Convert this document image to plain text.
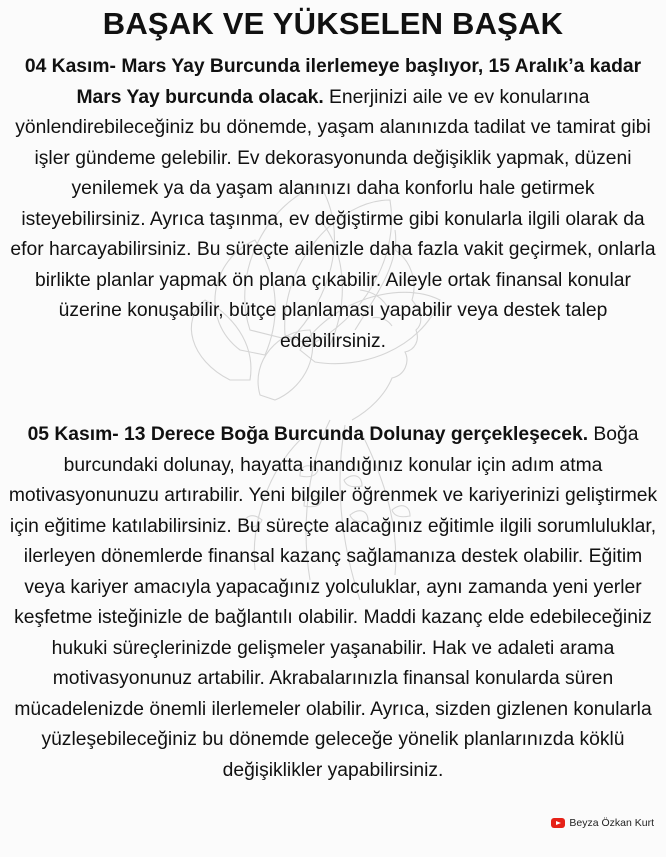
BAŞAK VE YÜKSELEN BAŞAK
04 Kasım- Mars Yay Burcunda ilerlemeye başlıyor, 15 Aralık’a kadar Mars Yay burcunda olacak. Enerjinizi aile ve ev konularına yönlendirebileceğiniz bu dönemde, yaşam alanınızda tadilat ve tamirat gibi işler gündeme gelebilir. Ev dekorasyonunda değişiklik yapmak, düzeni yenilemek ya da yaşam alanınızı daha konforlu hale getirmek isteyebilirsiniz. Ayrıca taşınma, ev değiştirme gibi konularla ilgili olarak da efor harcayabilirsiniz. Bu süreçte ailenizle daha fazla vakit geçirmek, onlarla birlikte planlar yapmak ön plana çıkabilir. Aileyle ortak finansal konular üzerine konuşabilir, bütçe planlaması yapabilir veya destek talep edebilirsiniz.
05 Kasım- 13 Derece Boğa Burcunda Dolunay gerçekleşecek. Boğa burcundaki dolunay, hayatta inandığınız konular için adım atma motivasyonunuzu artırabilir. Yeni bilgiler öğrenmek ve kariyerinizi geliştirmek için eğitime katılabilirsiniz. Bu süreçte alacağınız eğitimle ilgili sorumluluklar, ilerleyen dönemlerde finansal kazanç sağlamanıza destek olabilir. Eğitim veya kariyer amacıyla yapacağınız yolculuklar, aynı zamanda yeni yerler keşfetme isteğinizle de bağlantılı olabilir. Maddi kazanç elde edebileceğiniz hukuki süreçlerinizde gelişmeler yaşanabilir. Hak ve adaleti arama motivasyonunuz artabilir. Akrabalarınızla finansal konularda süren mücadelenizde önemli ilerlemeler olabilir. Ayrıca, sizden gizlenen konularla yüzleşebileceğiniz bu dönemde geleceğe yönelik planlarınızda köklü değişiklikler yapabilirsiniz.
Beyza Özkan Kurt
